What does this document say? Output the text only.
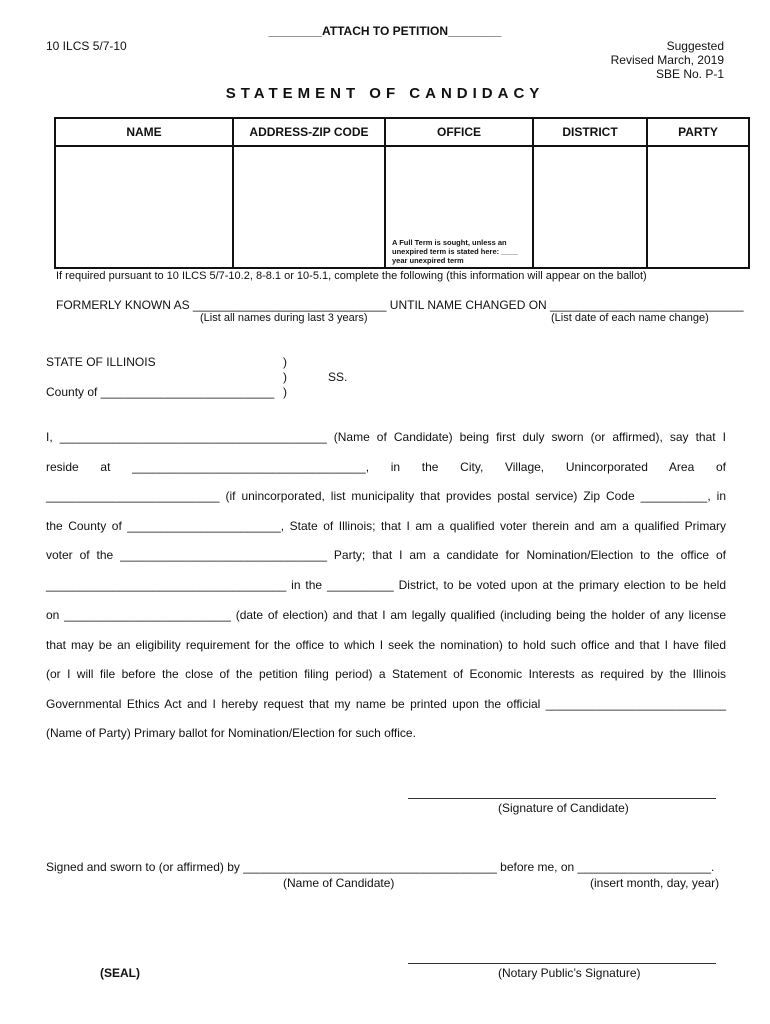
________ATTACH TO PETITION________
10 ILCS 5/7-10	Suggested
Revised March, 2019
SBE No. P-1
STATEMENT OF CANDIDACY
NAME	ADDRESS-ZIP CODE	OFFICE	DISTRICT	PARTY

		A Full Term is sought, unless an unexpired term is stated here: ____ year unexpired term		

If required pursuant to 10 ILCS 5/7-10.2, 8-8.1 or 10-5.1, complete the following (this information will appear on the ballot)
FORMERLY KNOWN AS _____________________________ UNTIL NAME CHANGED ON _____________________________
(List all names during last 3 years)	(List date of each name change)
STATE OF ILLINOIS	)
)	SS.
County of __________________________ )
I, ________________________________________ (Name of Candidate) being first duly sworn (or affirmed), say that I
reside at ___________________________________, in the City, Village, Unincorporated Area of
__________________________ (if unincorporated, list municipality that provides postal service) Zip Code __________, in
the County of _______________________, State of Illinois; that I am a qualified voter therein and am a qualified Primary
voter of the _______________________________ Party; that I am a candidate for Nomination/Election to the office of
____________________________________ in the __________ District, to be voted upon at the primary election to be held
on _________________________ (date of election) and that I am legally qualified (including being the holder of any license
that may be an eligibility requirement for the office to which I seek the nomination) to hold such office and that I have filed
(or I will file before the close of the petition filing period) a Statement of Economic Interests as required by the Illinois
Governmental Ethics Act and I hereby request that my name be printed upon the official ___________________________
(Name of Party) Primary ballot for Nomination/Election for such office.
(Signature of Candidate)
Signed and sworn to (or affirmed) by ______________________________________ before me, on ____________________.
(Name of Candidate)	(insert month, day, year)
(SEAL)	(Notary Public’s Signature)
